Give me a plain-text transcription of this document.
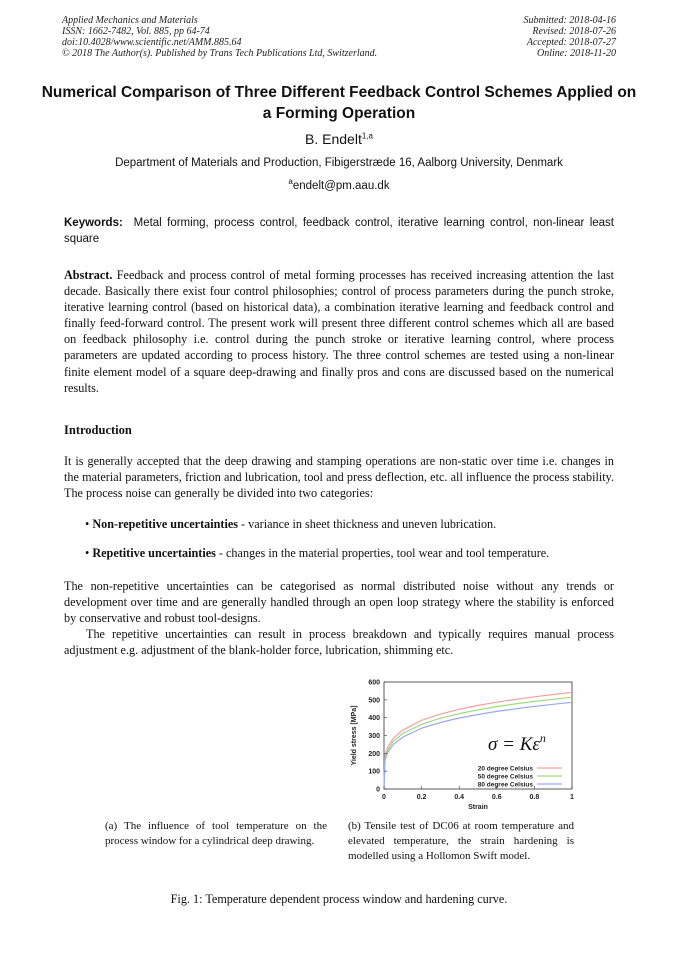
Applied Mechanics and Materials
ISSN: 1662-7482, Vol. 885, pp 64-74
doi:10.4028/www.scientific.net/AMM.885.64
© 2018 The Author(s). Published by Trans Tech Publications Ltd, Switzerland.
Submitted: 2018-04-16
Revised: 2018-07-26
Accepted: 2018-07-27
Online: 2018-11-20
Numerical Comparison of Three Different Feedback Control Schemes Applied on a Forming Operation
B. Endelt$^{1,a}$
Department of Materials and Production, Fibigerstræde 16, Aalborg University, Denmark
$^a$endelt@pm.aau.dk
Keywords: Metal forming, process control, feedback control, iterative learning control, non-linear least square
Abstract. Feedback and process control of metal forming processes has received increasing attention the last decade. Basically there exist four control philosophies; control of process parameters during the punch stroke, iterative learning control (based on historical data), a combination iterative learning and feedback control and finally feed-forward control. The present work will present three different control schemes which all are based on feedback philosophy i.e. control during the punch stroke or iterative learning control, where process parameters are updated according to process history. The three control schemes are tested using a non-linear finite element model of a square deep-drawing and finally pros and cons are discussed based on the numerical results.
Introduction
It is generally accepted that the deep drawing and stamping operations are non-static over time i.e. changes in the material parameters, friction and lubrication, tool and press deflection, etc. all influence the process stability. The process noise can generally be divided into two categories:
• Non-repetitive uncertainties - variance in sheet thickness and uneven lubrication.
• Repetitive uncertainties - changes in the material properties, tool wear and tool temperature.
The non-repetitive uncertainties can be categorised as normal distributed noise without any trends or development over time and are generally handled through an open loop strategy where the stability is enforced by conservative and robust tool-designs.
The repetitive uncertainties can result in process breakdown and typically requires manual process adjustment e.g. adjustment of the blank-holder force, lubrication, shimming etc.
0	0.2	0.4	0.6	0.8	1
0
100
200
300
400
500
600
Strain
Yield stress [MPa]	$\sigma = K\varepsilon^n$
20 degree Celsius
50 degree Celsius
80 degree Celsius
(a) The influence of tool temperature on the process window for a cylindrical deep drawing.
(b) Tensile test of DC06 at room temperature and elevated temperature, the strain hardening is modelled using a Hollomon Swift model.
Fig. 1: Temperature dependent process window and hardening curve.
